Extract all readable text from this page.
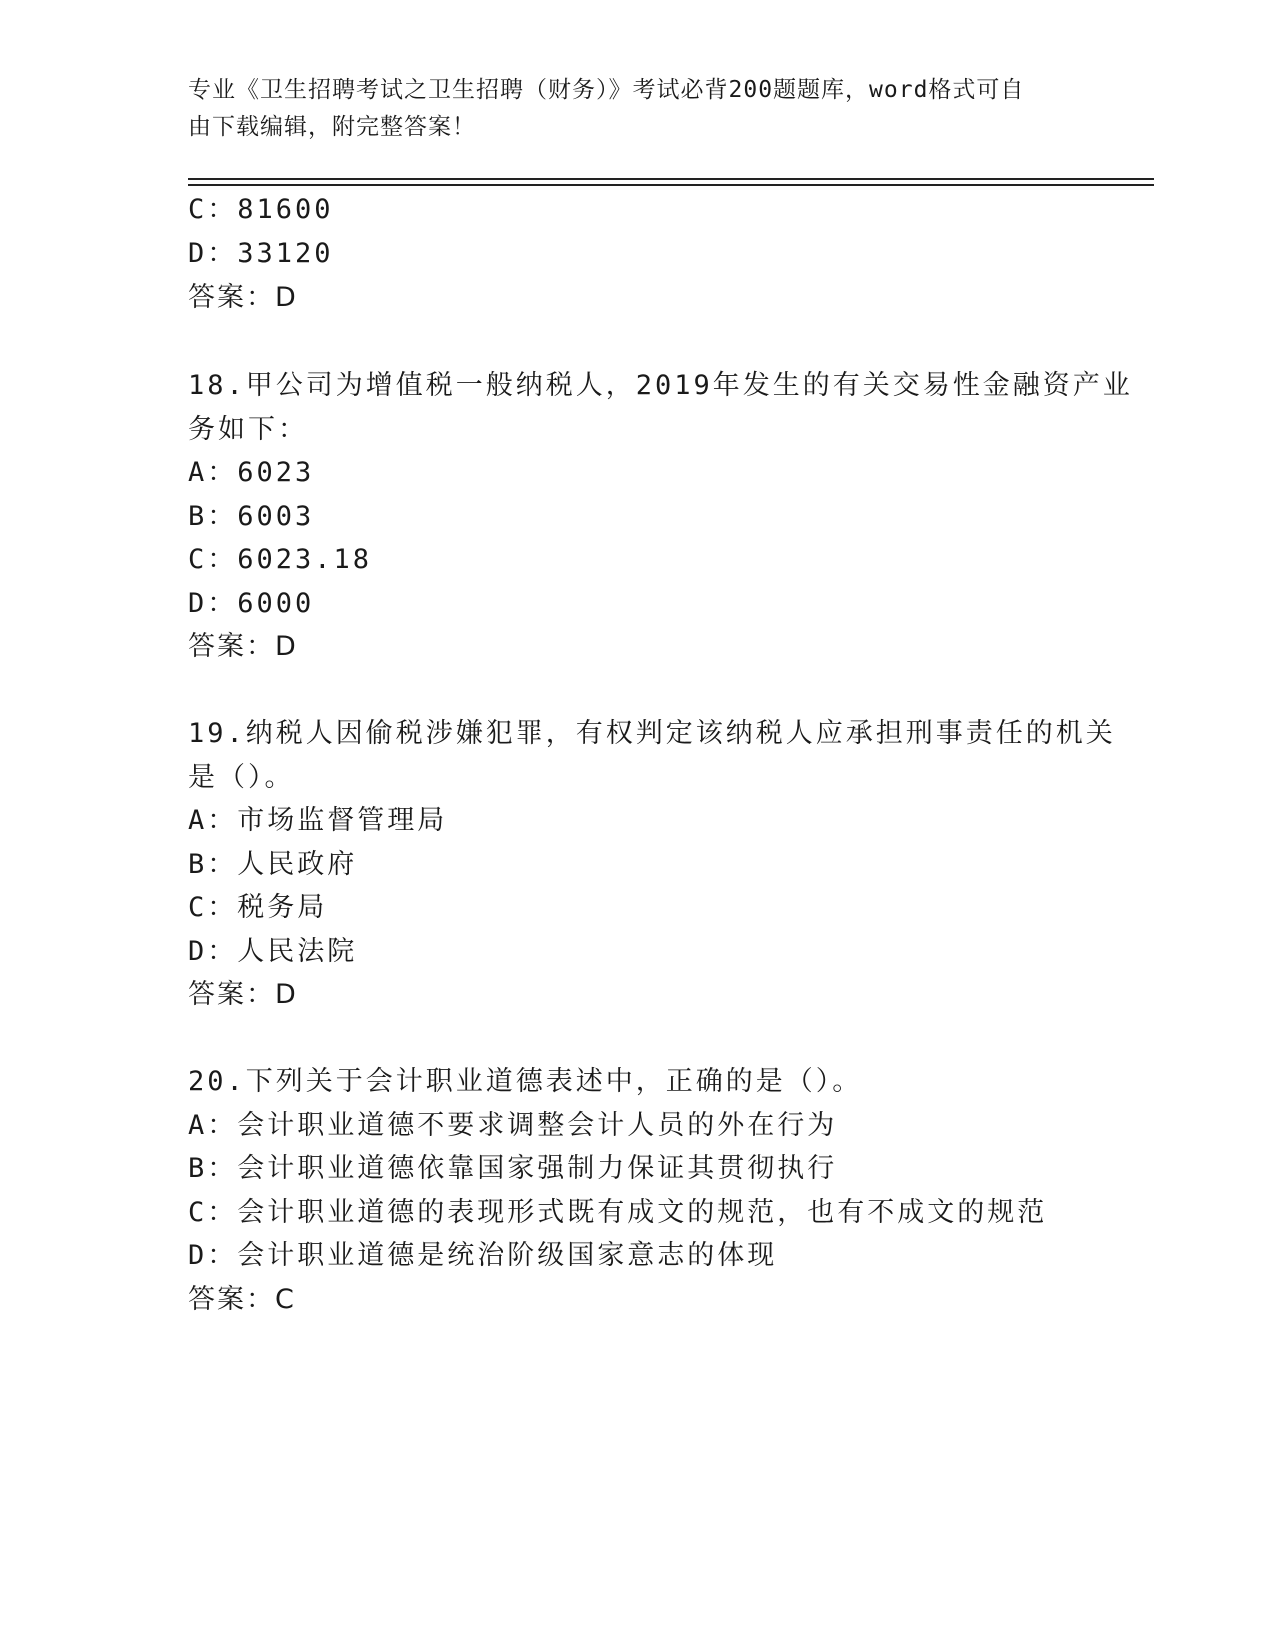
专业《卫生招聘考试之卫生招聘（财务）》考试必背200题题库，word格式可自
由下载编辑，附完整答案！
C：81600
D：33120
答案：D
18.甲公司为增值税一般纳税人，2019年发生的有关交易性金融资产业
务如下：
A：6023
B：6003
C：6023.18
D：6000
答案：D
19.纳税人因偷税涉嫌犯罪，有权判定该纳税人应承担刑事责任的机关
是（）。
A：市场监督管理局
B：人民政府
C：税务局
D：人民法院
答案：D
20.下列关于会计职业道德表述中，正确的是（）。
A：会计职业道德不要求调整会计人员的外在行为
B：会计职业道德依靠国家强制力保证其贯彻执行
C：会计职业道德的表现形式既有成文的规范，也有不成文的规范
D：会计职业道德是统治阶级国家意志的体现
答案：C
